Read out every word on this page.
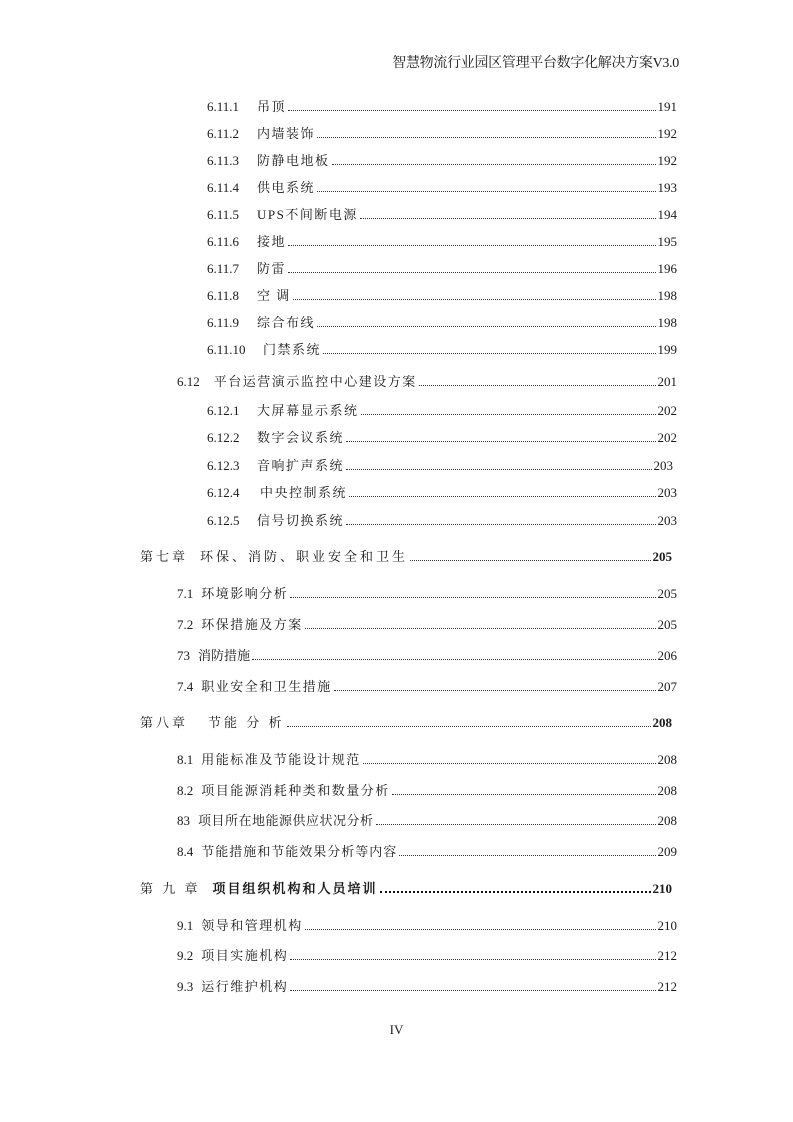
智慧物流行业园区管理平台数字化解决方案V3.0
6.11.1	吊顶	191
6.11.2	内墙装饰	192
6.11.3	防静电地板	192
6.11.4	供电系统	193
6.11.5	UPS不间断电源	194
6.11.6	接地	195
6.11.7	防雷	196
6.11.8	空 调	198
6.11.9	综合布线	198
6.11.10	门禁系统	199
6.12 平台运营演示监控中心建设方案	201
6.12.1	大屏幕显示系统	202
6.12.2	数字会议系统	202
6.12.3	音响扩声系统	203
6.12.4	中央控制系统	203
6.12.5	信号切换系统	203
第七章 环保、消防、职业安全和卫生	205
7.1 环境影响分析	205
7.2 环保措施及方案	205
73 消防措施	206
7.4 职业安全和卫生措施	207
第八章 节能 分 析	208
8.1 用能标准及节能设计规范	208
8.2 项目能源消耗种类和数量分析	208
83 项目所在地能源供应状况分析	208
8.4 节能措施和节能效果分析等内容	209
第 九 章 项目组织机构和人员培训	210
9.1 领导和管理机构	210
9.2 项目实施机构	212
9.3 运行维护机构	212
IV
